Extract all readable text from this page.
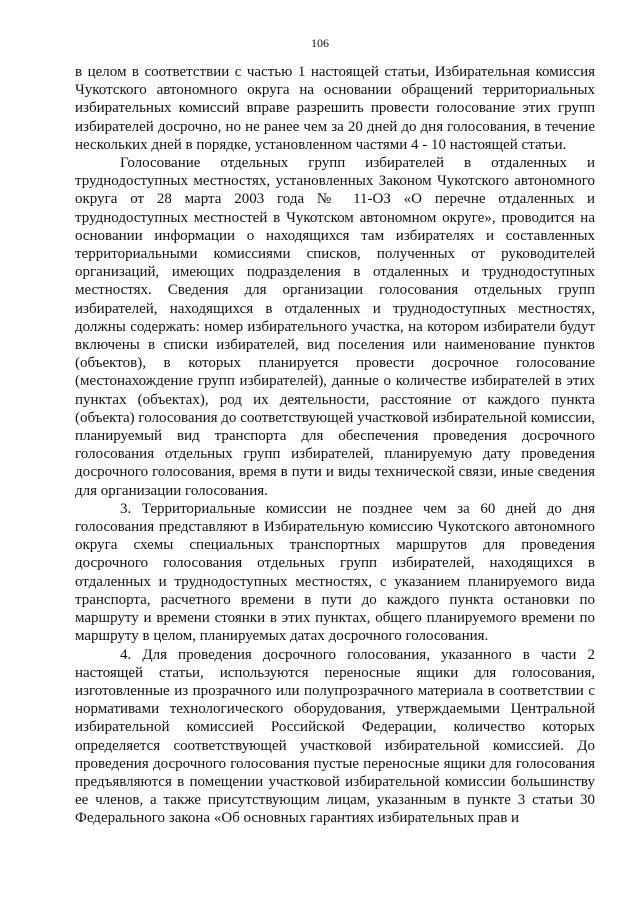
106

в целом в соответствии с частью 1 настоящей статьи, Избирательная комиссия Чукотского автономного округа на основании обращений территориальных избирательных комиссий вправе разрешить провести голосование этих групп избирателей досрочно, но не ранее чем за 20 дней до дня голосования, в течение нескольких дней в порядке, установленном частями 4 - 10 настоящей статьи.

Голосование отдельных групп избирателей в отдаленных и труднодоступных местностях, установленных Законом Чукотского автономного округа от 28 марта 2003 года № 11-ОЗ «О перечне отдаленных и труднодоступных местностей в Чукотском автономном округе», проводится на основании информации о находящихся там избирателях и составленных территориальными комиссиями списков, полученных от руководителей организаций, имеющих подразделения в отдаленных и труднодоступных местностях. Сведения для организации голосования отдельных групп избирателей, находящихся в отдаленных и труднодоступных местностях, должны содержать: номер избирательного участка, на котором избиратели будут включены в списки избирателей, вид поселения или наименование пунктов (объектов), в которых планируется провести досрочное голосование (местонахождение групп избирателей), данные о количестве избирателей в этих пунктах (объектах), род их деятельности, расстояние от каждого пункта (объекта) голосования до соответствующей участковой избирательной комиссии, планируемый вид транспорта для обеспечения проведения досрочного голосования отдельных групп избирателей, планируемую дату проведения досрочного голосования, время в пути и виды технической связи, иные сведения для организации голосования.

3. Территориальные комиссии не позднее чем за 60 дней до дня голосования представляют в Избирательную комиссию Чукотского автономного округа схемы специальных транспортных маршрутов для проведения досрочного голосования отдельных групп избирателей, находящихся в отдаленных и труднодоступных местностях, с указанием планируемого вида транспорта, расчетного времени в пути до каждого пункта остановки по маршруту и времени стоянки в этих пунктах, общего планируемого времени по маршруту в целом, планируемых датах досрочного голосования.

4. Для проведения досрочного голосования, указанного в части 2 настоящей статьи, используются переносные ящики для голосования, изготовленные из прозрачного или полупрозрачного материала в соответствии с нормативами технологического оборудования, утверждаемыми Центральной избирательной комиссией Российской Федерации, количество которых определяется соответствующей участковой избирательной комиссией. До проведения досрочного голосования пустые переносные ящики для голосования предъявляются в помещении участковой избирательной комиссии большинству ее членов, а также присутствующим лицам, указанным в пункте 3 статьи 30 Федерального закона «Об основных гарантиях избирательных прав и
